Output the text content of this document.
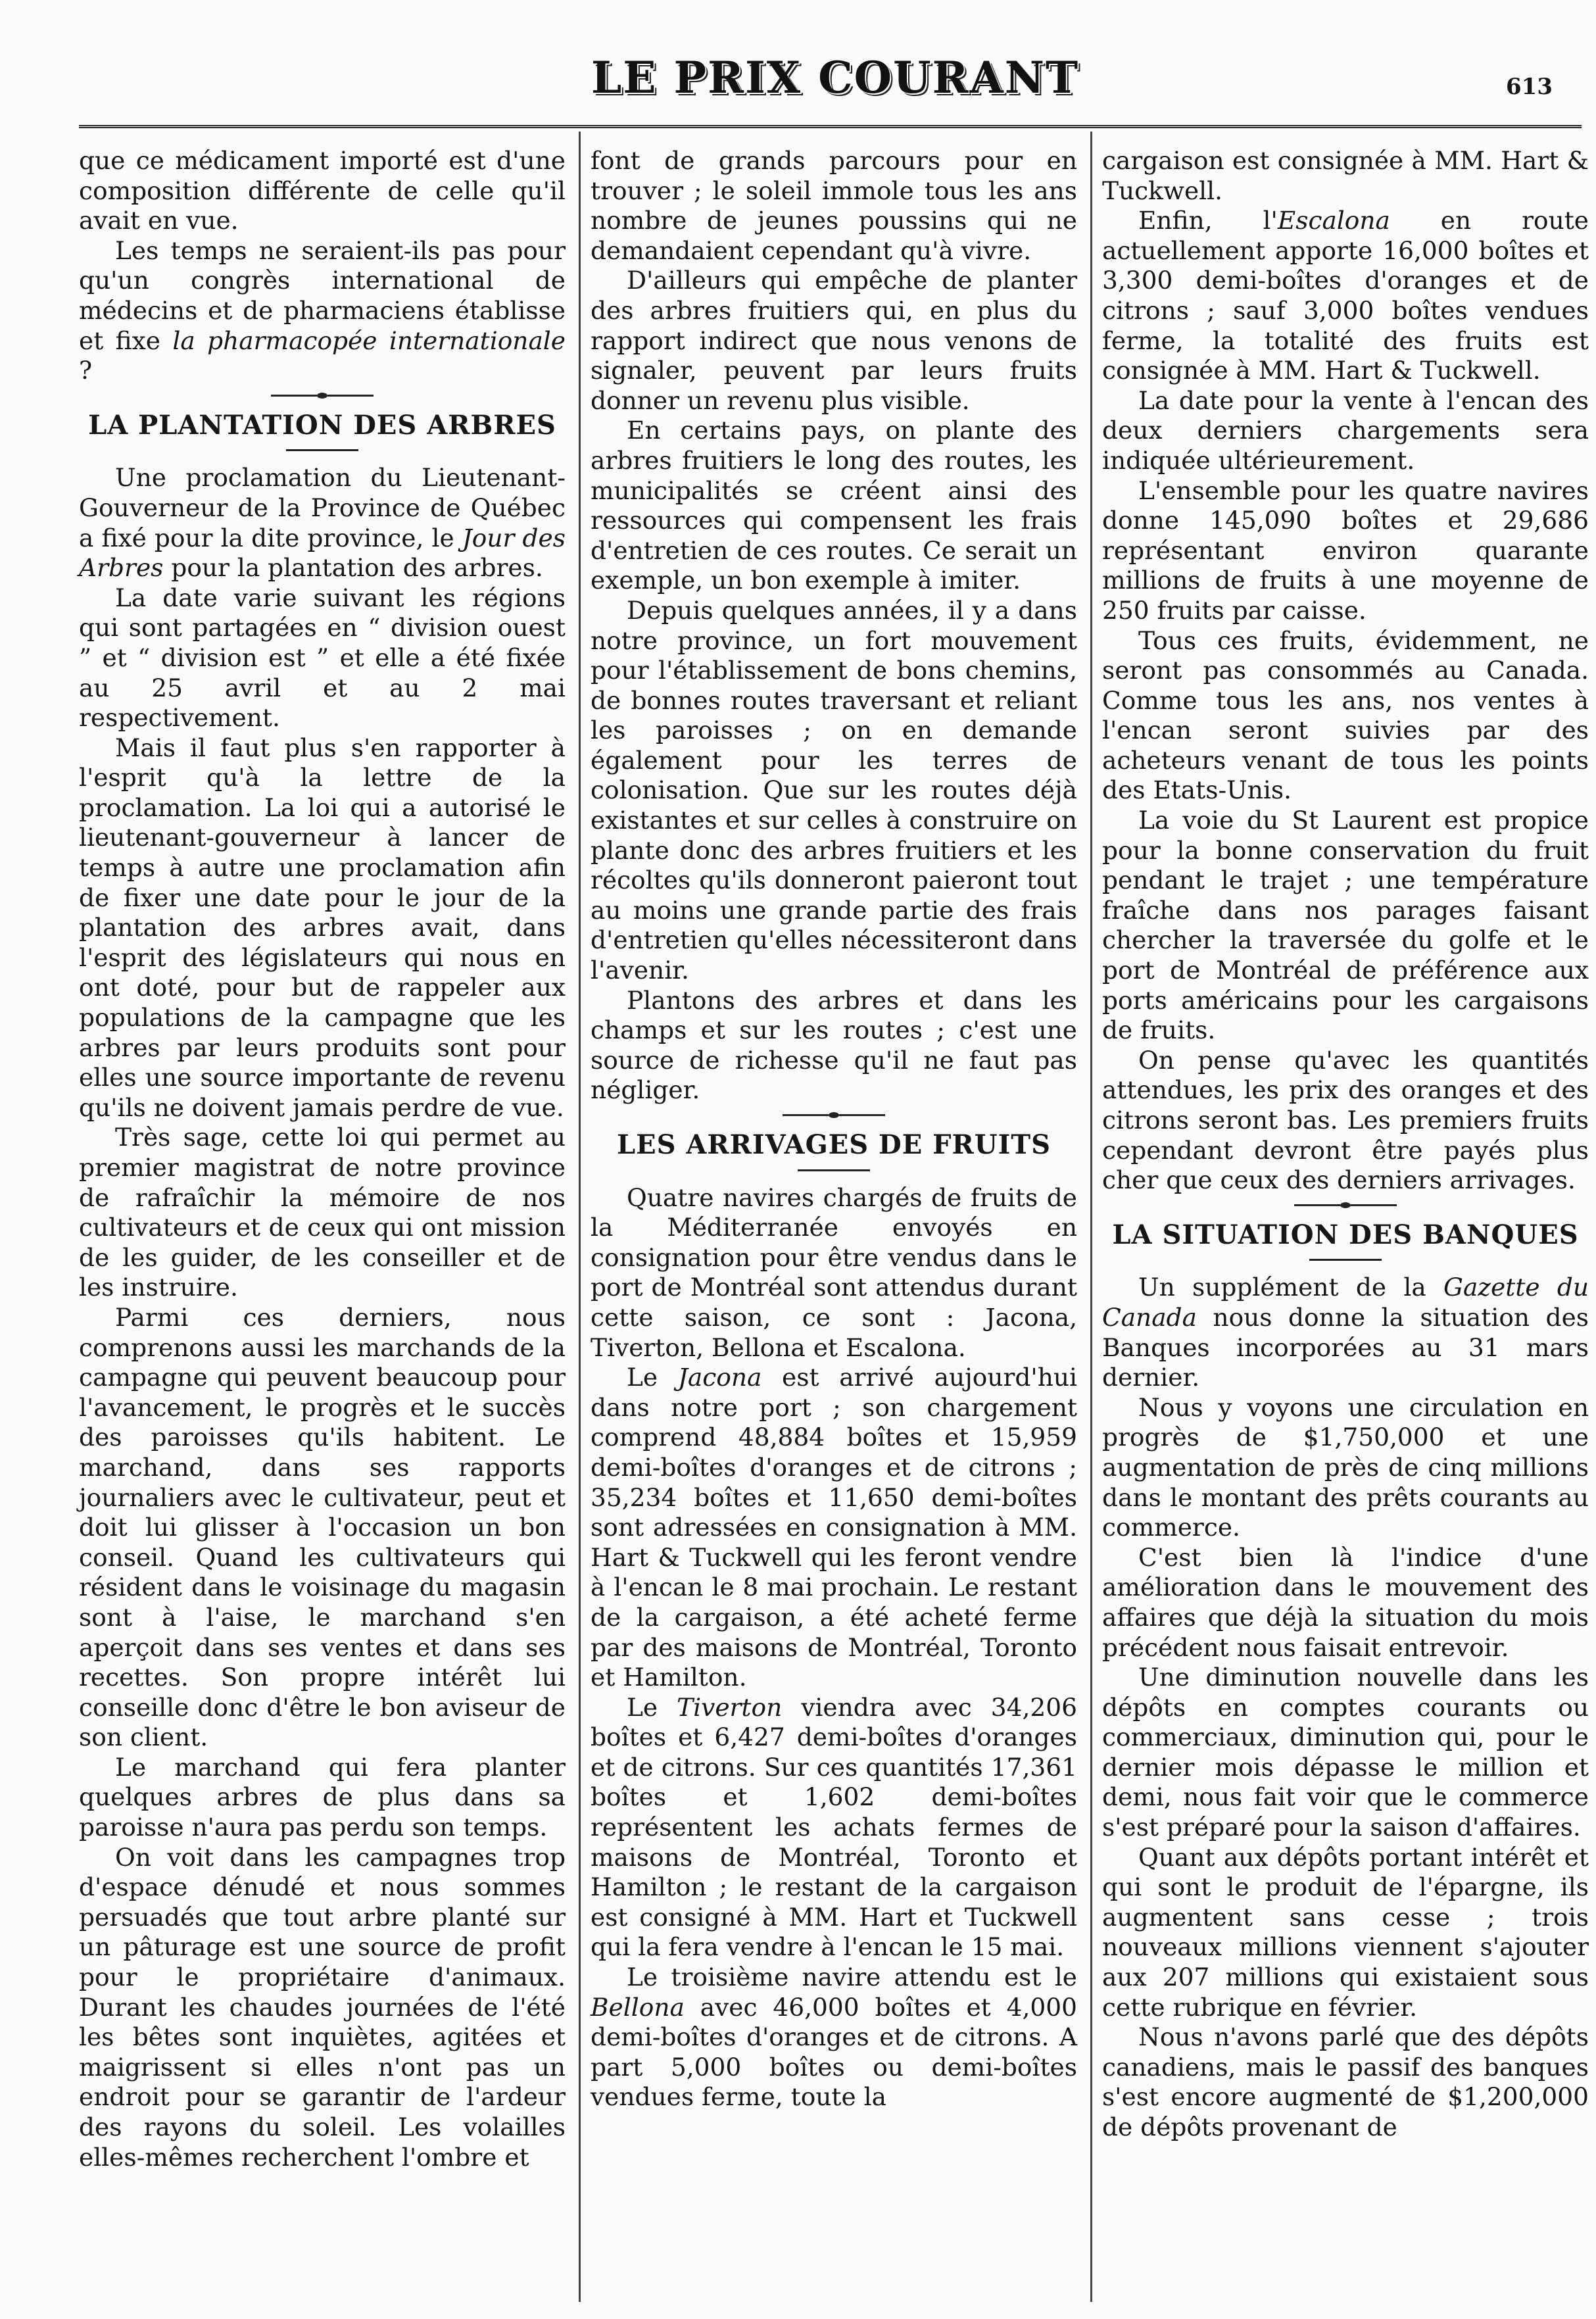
LE PRIX COURANT	613

que ce médicament importé est d'une composition différente de celle qu'il avait en vue.

Les temps ne seraient-ils pas pour qu'un congrès international de médecins et de pharmaciens établisse et fixe la pharmacopée internationale ?

LA PLANTATION DES ARBRES

Une proclamation du Lieutenant-Gouverneur de la Province de Québec a fixé pour la dite province, le Jour des Arbres pour la plantation des arbres.

La date varie suivant les régions qui sont partagées en “ division ouest ” et “ division est ” et elle a été fixée au 25 avril et au 2 mai respectivement.

Mais il faut plus s'en rapporter à l'esprit qu'à la lettre de la proclamation. La loi qui a autorisé le lieutenant-gouverneur à lancer de temps à autre une proclamation afin de fixer une date pour le jour de la plantation des arbres avait, dans l'esprit des législateurs qui nous en ont doté, pour but de rappeler aux populations de la campagne que les arbres par leurs produits sont pour elles une source importante de revenu qu'ils ne doivent jamais perdre de vue.

Très sage, cette loi qui permet au premier magistrat de notre province de rafraîchir la mémoire de nos cultivateurs et de ceux qui ont mission de les guider, de les conseiller et de les instruire.

Parmi ces derniers, nous comprenons aussi les marchands de la campagne qui peuvent beaucoup pour l'avancement, le progrès et le succès des paroisses qu'ils habitent. Le marchand, dans ses rapports journaliers avec le cultivateur, peut et doit lui glisser à l'occasion un bon conseil. Quand les cultivateurs qui résident dans le voisinage du magasin sont à l'aise, le marchand s'en aperçoit dans ses ventes et dans ses recettes. Son propre intérêt lui conseille donc d'être le bon aviseur de son client.

Le marchand qui fera planter quelques arbres de plus dans sa paroisse n'aura pas perdu son temps.

On voit dans les campagnes trop d'espace dénudé et nous sommes persuadés que tout arbre planté sur un pâturage est une source de profit pour le propriétaire d'animaux. Durant les chaudes journées de l'été les bêtes sont inquiètes, agitées et maigrissent si elles n'ont pas un endroit pour se garantir de l'ardeur des rayons du soleil. Les volailles elles-mêmes recherchent l'ombre et

font de grands parcours pour en trouver ; le soleil immole tous les ans nombre de jeunes poussins qui ne demandaient cependant qu'à vivre.

D'ailleurs qui empêche de planter des arbres fruitiers qui, en plus du rapport indirect que nous venons de signaler, peuvent par leurs fruits donner un revenu plus visible.

En certains pays, on plante des arbres fruitiers le long des routes, les municipalités se créent ainsi des ressources qui compensent les frais d'entretien de ces routes. Ce serait un exemple, un bon exemple à imiter.

Depuis quelques années, il y a dans notre province, un fort mouvement pour l'établissement de bons chemins, de bonnes routes traversant et reliant les paroisses ; on en demande également pour les terres de colonisation. Que sur les routes déjà existantes et sur celles à construire on plante donc des arbres fruitiers et les récoltes qu'ils donneront paieront tout au moins une grande partie des frais d'entretien qu'elles nécessiteront dans l'avenir.

Plantons des arbres et dans les champs et sur les routes ; c'est une source de richesse qu'il ne faut pas négliger.

LES ARRIVAGES DE FRUITS

Quatre navires chargés de fruits de la Méditerranée envoyés en consignation pour être vendus dans le port de Montréal sont attendus durant cette saison, ce sont : Jacona, Tiverton, Bellona et Escalona.

Le Jacona est arrivé aujourd'hui dans notre port ; son chargement comprend 48,884 boîtes et 15,959 demi-boîtes d'oranges et de citrons ; 35,234 boîtes et 11,650 demi-boîtes sont adressées en consignation à MM. Hart & Tuckwell qui les feront vendre à l'encan le 8 mai prochain. Le restant de la cargaison, a été acheté ferme par des maisons de Montréal, Toronto et Hamilton.

Le Tiverton viendra avec 34,206 boîtes et 6,427 demi-boîtes d'oranges et de citrons. Sur ces quantités 17,361 boîtes et 1,602 demi-boîtes représentent les achats fermes de maisons de Montréal, Toronto et Hamilton ; le restant de la cargaison est consigné à MM. Hart et Tuckwell qui la fera vendre à l'encan le 15 mai.

Le troisième navire attendu est le Bellona avec 46,000 boîtes et 4,000 demi-boîtes d'oranges et de citrons. A part 5,000 boîtes ou demi-boîtes vendues ferme, toute la

cargaison est consignée à MM. Hart & Tuckwell.

Enfin, l'Escalona en route actuellement apporte 16,000 boîtes et 3,300 demi-boîtes d'oranges et de citrons ; sauf 3,000 boîtes vendues ferme, la totalité des fruits est consignée à MM. Hart & Tuckwell.

La date pour la vente à l'encan des deux derniers chargements sera indiquée ultérieurement.

L'ensemble pour les quatre navires donne 145,090 boîtes et 29,686 représentant environ quarante millions de fruits à une moyenne de 250 fruits par caisse.

Tous ces fruits, évidemment, ne seront pas consommés au Canada. Comme tous les ans, nos ventes à l'encan seront suivies par des acheteurs venant de tous les points des Etats-Unis.

La voie du St Laurent est propice pour la bonne conservation du fruit pendant le trajet ; une température fraîche dans nos parages faisant chercher la traversée du golfe et le port de Montréal de préférence aux ports américains pour les cargaisons de fruits.

On pense qu'avec les quantités attendues, les prix des oranges et des citrons seront bas. Les premiers fruits cependant devront être payés plus cher que ceux des derniers arrivages.

LA SITUATION DES BANQUES

Un supplément de la Gazette du Canada nous donne la situation des Banques incorporées au 31 mars dernier.

Nous y voyons une circulation en progrès de $1,750,000 et une augmentation de près de cinq millions dans le montant des prêts courants au commerce.

C'est bien là l'indice d'une amélioration dans le mouvement des affaires que déjà la situation du mois précédent nous faisait entrevoir.

Une diminution nouvelle dans les dépôts en comptes courants ou commerciaux, diminution qui, pour le dernier mois dépasse le million et demi, nous fait voir que le commerce s'est préparé pour la saison d'affaires.

Quant aux dépôts portant intérêt et qui sont le produit de l'épargne, ils augmentent sans cesse ; trois nouveaux millions viennent s'ajouter aux 207 millions qui existaient sous cette rubrique en février.

Nous n'avons parlé que des dépôts canadiens, mais le passif des banques s'est encore augmenté de $1,200,000 de dépôts provenant de
